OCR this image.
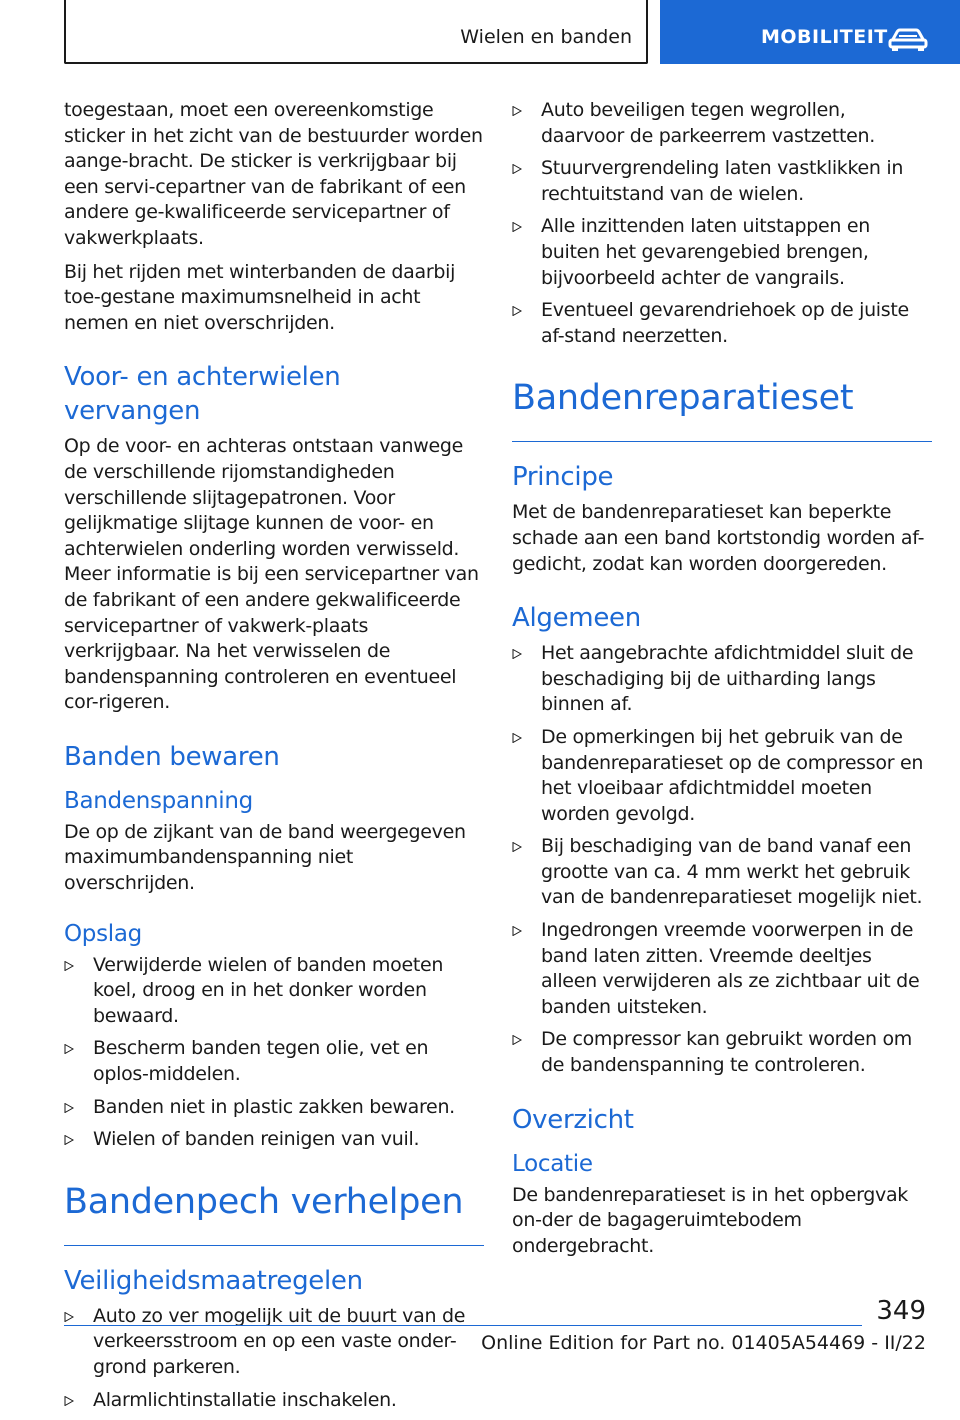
Wielen en banden	MOBILITEIT

toegestaan, moet een overeenkomstige sticker in het zicht van de bestuurder worden aange-bracht. De sticker is verkrijgbaar bij een servi-cepartner van de fabrikant of een andere ge-kwalificeerde servicepartner of vakwerkplaats.

Bij het rijden met winterbanden de daarbij toe-gestane maximumsnelheid in acht nemen en niet overschrijden.

Voor- en achterwielen vervangen

Op de voor- en achteras ontstaan vanwege de verschillende rijomstandigheden verschillende slijtagepatronen. Voor gelijkmatige slijtage kunnen de voor- en achterwielen onderling worden verwisseld. Meer informatie is bij een servicepartner van de fabrikant of een andere gekwalificeerde servicepartner of vakwerk-plaats verkrijgbaar. Na het verwisselen de bandenspanning controleren en eventueel cor-rigeren.

Banden bewaren
Bandenspanning

De op de zijkant van de band weergegeven maximumbandenspanning niet overschrijden.

Opslag
Verwijderde wielen of banden moeten koel, droog en in het donker worden bewaard.
Bescherm banden tegen olie, vet en oplos-middelen.
Banden niet in plastic zakken bewaren.
Wielen of banden reinigen van vuil.
Bandenpech verhelpen
Veiligheidsmaatregelen
Auto zo ver mogelijk uit de buurt van de verkeersstroom en op een vaste onder-grond parkeren.
Alarmlichtinstallatie inschakelen.
Auto beveiligen tegen wegrollen, daarvoor de parkeerrem vastzetten.
Stuurvergrendeling laten vastklikken in rechtuitstand van de wielen.
Alle inzittenden laten uitstappen en buiten het gevarengebied brengen, bijvoorbeeld achter de vangrails.
Eventueel gevarendriehoek op de juiste af-stand neerzetten.
Bandenreparatieset
Principe

Met de bandenreparatieset kan beperkte schade aan een band kortstondig worden af-gedicht, zodat kan worden doorgereden.

Algemeen
Het aangebrachte afdichtmiddel sluit de beschadiging bij de uitharding langs binnen af.
De opmerkingen bij het gebruik van de bandenreparatieset op de compressor en het vloeibaar afdichtmiddel moeten worden gevolgd.
Bij beschadiging van de band vanaf een grootte van ca. 4 mm werkt het gebruik van de bandenreparatieset mogelijk niet.
Ingedrongen vreemde voorwerpen in de band laten zitten. Vreemde deeltjes alleen verwijderen als ze zichtbaar uit de banden uitsteken.
De compressor kan gebruikt worden om de bandenspanning te controleren.
Overzicht
Locatie

De bandenreparatieset is in het opbergvak on-der de bagageruimtebodem ondergebracht.

349
Online Edition for Part no. 01405A54469 - II/22
